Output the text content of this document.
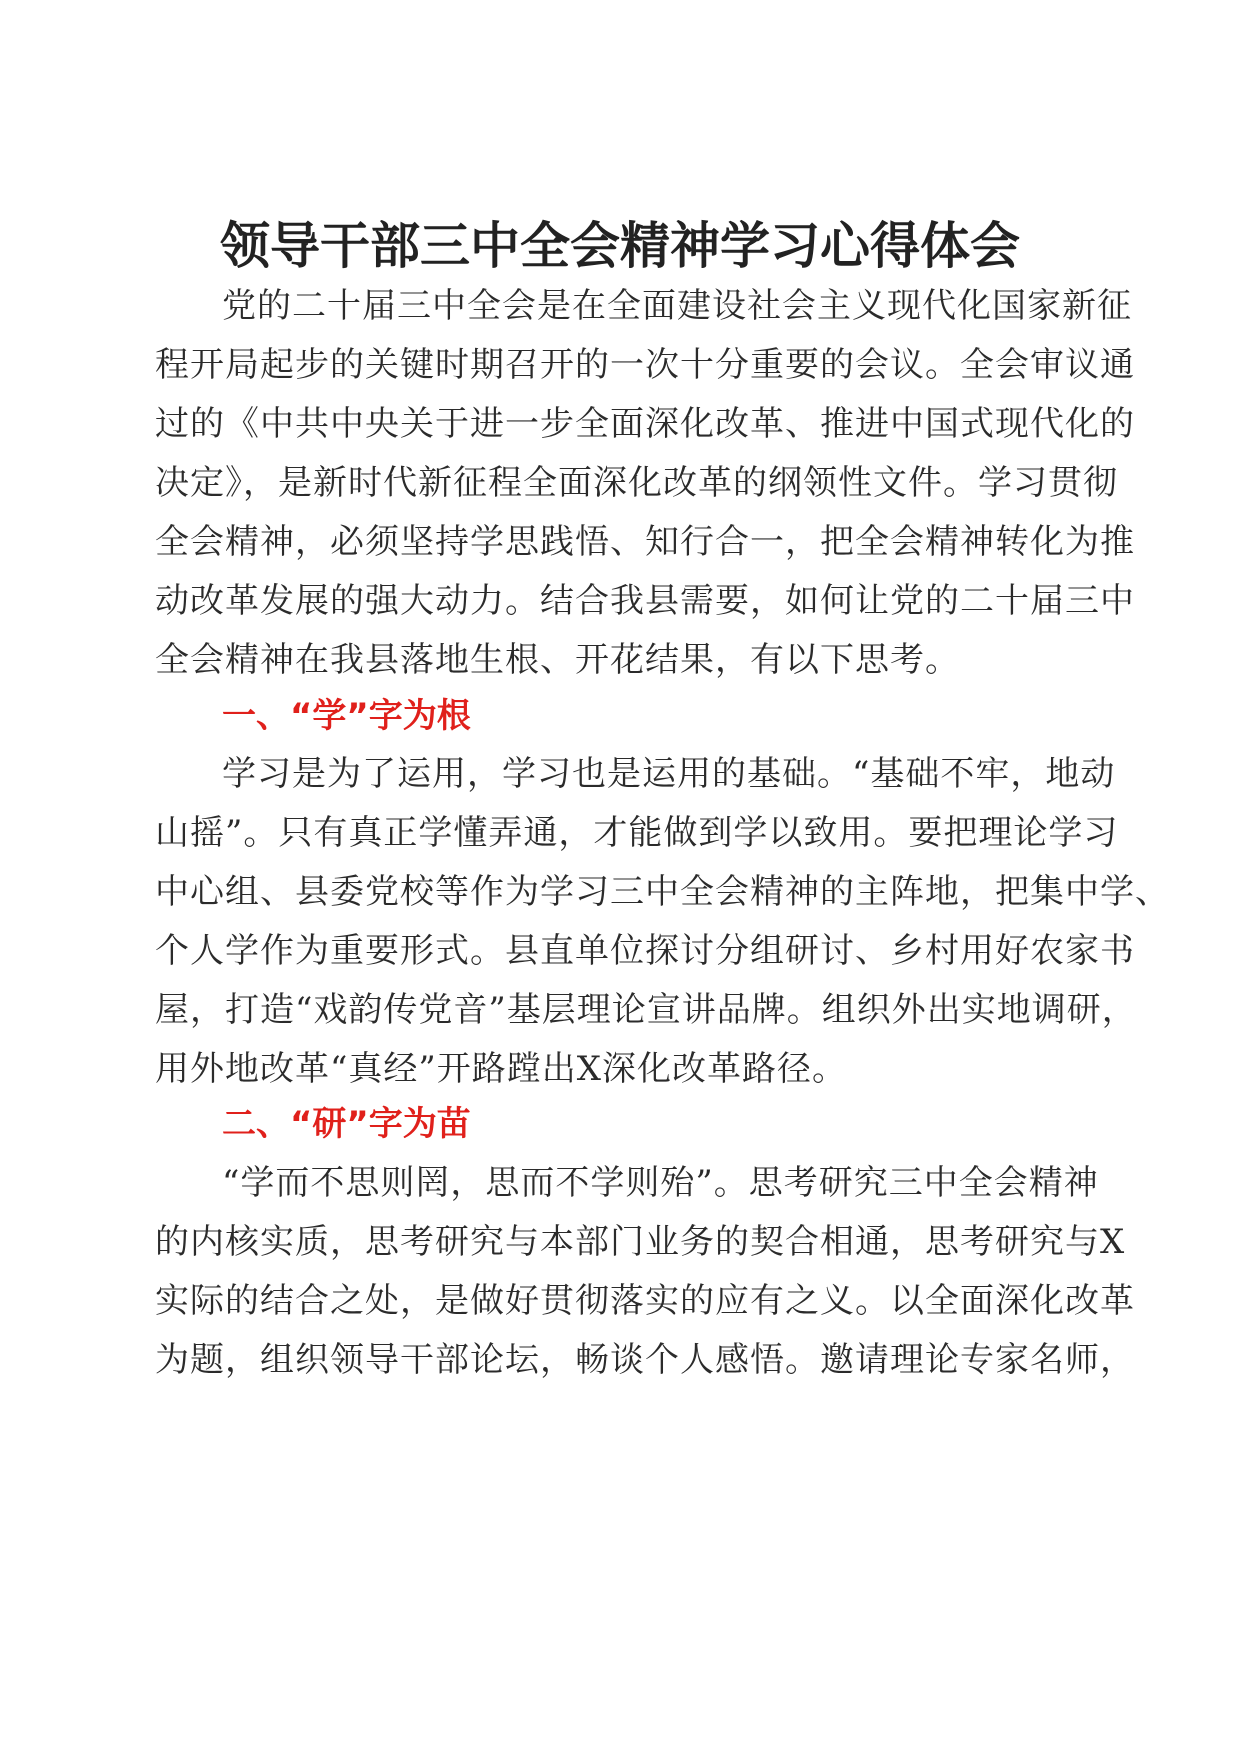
领导干部三中全会精神学习心得体会

党的二十届三中全会是在全面建设社会主义现代化国家新征

程开局起步的关键时期召开的一次十分重要的会议。全会审议通

过的《中共中央关于进一步全面深化改革、推进中国式现代化的

决定》，是新时代新征程全面深化改革的纲领性文件。学习贯彻

全会精神，必须坚持学思践悟、知行合一，把全会精神转化为推

动改革发展的强大动力。结合我县需要，如何让党的二十届三中

全会精神在我县落地生根、开花结果，有以下思考。

一、“学”字为根

学习是为了运用，学习也是运用的基础。“基础不牢，地动

山摇”。只有真正学懂弄通，才能做到学以致用。要把理论学习

中心组、县委党校等作为学习三中全会精神的主阵地，把集中学、

个人学作为重要形式。县直单位探讨分组研讨、乡村用好农家书

屋，打造“戏韵传党音”基层理论宣讲品牌。组织外出实地调研，

用外地改革“真经”开路蹚出X深化改革路径。

二、“研”字为苗

“学而不思则罔，思而不学则殆”。思考研究三中全会精神

的内核实质，思考研究与本部门业务的契合相通，思考研究与X

实际的结合之处，是做好贯彻落实的应有之义。以全面深化改革

为题，组织领导干部论坛，畅谈个人感悟。邀请理论专家名师，
